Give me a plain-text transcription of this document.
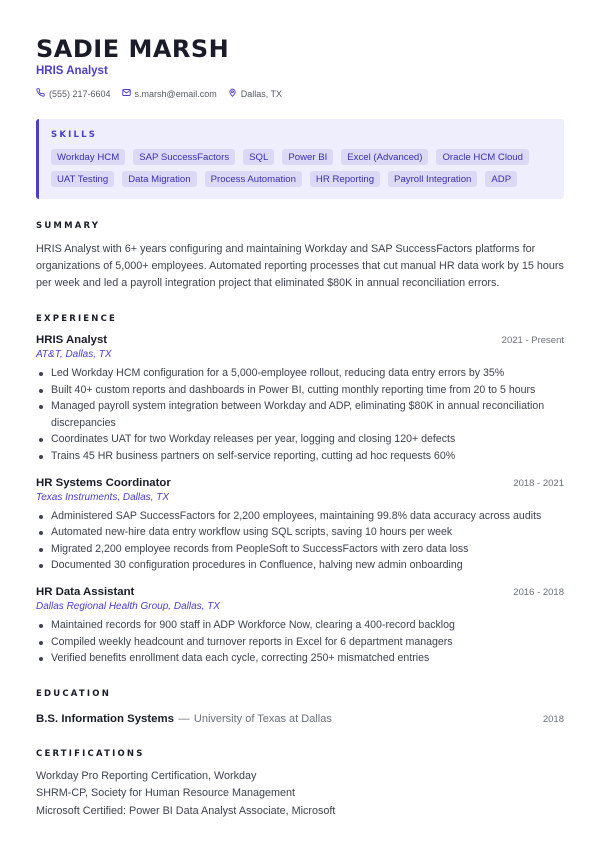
SADIE MARSH
HRIS Analyst
(555) 217-6604	s.marsh@email.com	Dallas, TX
SKILLS
Workday HCM	SAP SuccessFactors	SQL	Power BI	Excel (Advanced)	Oracle HCM Cloud
UAT Testing	Data Migration	Process Automation	HR Reporting	Payroll Integration	ADP
SUMMARY

HRIS Analyst with 6+ years configuring and maintaining Workday and SAP SuccessFactors platforms for organizations of 5,000+ employees. Automated reporting processes that cut manual HR data work by 15 hours per week and led a payroll integration project that eliminated $80K in annual reconciliation errors.

EXPERIENCE
HRIS Analyst	2021 - Present
AT&T, Dallas, TX
Led Workday HCM configuration for a 5,000-employee rollout, reducing data entry errors by 35%
Built 40+ custom reports and dashboards in Power BI, cutting monthly reporting time from 20 to 5 hours
Managed payroll system integration between Workday and ADP, eliminating $80K in annual reconciliation discrepancies
Coordinates UAT for two Workday releases per year, logging and closing 120+ defects
Trains 45 HR business partners on self-service reporting, cutting ad hoc requests 60%
HR Systems Coordinator	2018 - 2021
Texas Instruments, Dallas, TX
Administered SAP SuccessFactors for 2,200 employees, maintaining 99.8% data accuracy across audits
Automated new-hire data entry workflow using SQL scripts, saving 10 hours per week
Migrated 2,200 employee records from PeopleSoft to SuccessFactors with zero data loss
Documented 30 configuration procedures in Confluence, halving new admin onboarding
HR Data Assistant	2016 - 2018
Dallas Regional Health Group, Dallas, TX
Maintained records for 900 staff in ADP Workforce Now, clearing a 400-record backlog
Compiled weekly headcount and turnover reports in Excel for 6 department managers
Verified benefits enrollment data each cycle, correcting 250+ mismatched entries
EDUCATION
B.S. Information Systems — University of Texas at Dallas	2018
CERTIFICATIONS
Workday Pro Reporting Certification, Workday
SHRM-CP, Society for Human Resource Management
Microsoft Certified: Power BI Data Analyst Associate, Microsoft
